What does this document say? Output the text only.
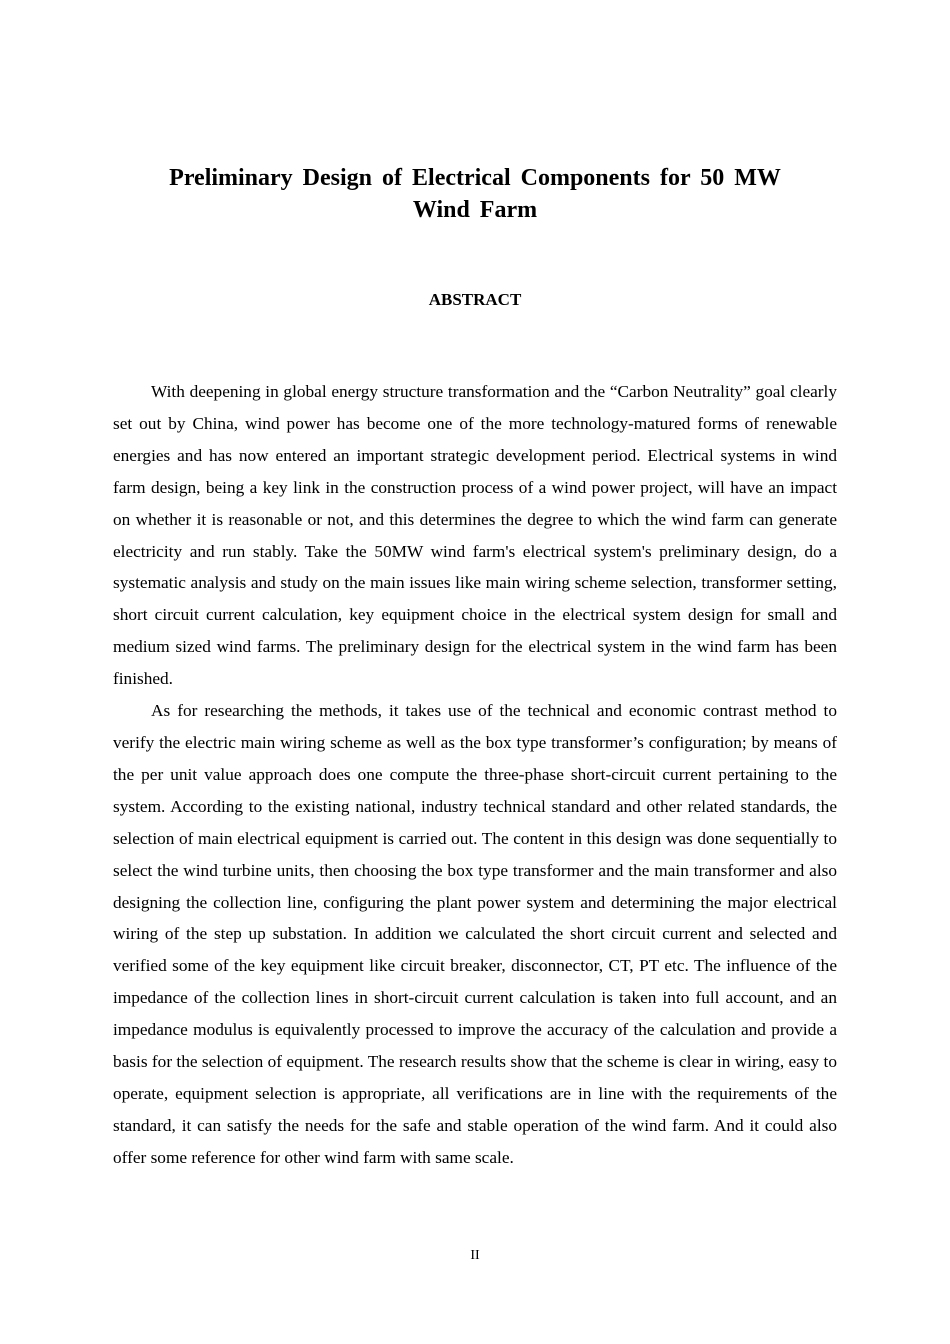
Preliminary Design of Electrical Components for 50 MW Wind Farm
ABSTRACT

With deepening in global energy structure transformation and the “Carbon Neutrality” goal clearly set out by China, wind power has become one of the more technology-matured forms of renewable energies and has now entered an important strategic development period. Electrical systems in wind farm design, being a key link in the construction process of a wind power project, will have an impact on whether it is reasonable or not, and this determines the degree to which the wind farm can generate electricity and run stably. Take the 50MW wind farm's electrical system's preliminary design, do a systematic analysis and study on the main issues like main wiring scheme selection, transformer setting, short circuit current calculation, key equipment choice in the electrical system design for small and medium sized wind farms. The preliminary design for the electrical system in the wind farm has been finished.

As for researching the methods, it takes use of the technical and economic contrast method to verify the electric main wiring scheme as well as the box type transformer’s configuration; by means of the per unit value approach does one compute the three-phase short-circuit current pertaining to the system. According to the existing national, industry technical standard and other related standards, the selection of main electrical equipment is carried out. The content in this design was done sequentially to select the wind turbine units, then choosing the box type transformer and the main transformer and also designing the collection line, configuring the plant power system and determining the major electrical wiring of the step up substation. In addition we calculated the short circuit current and selected and verified some of the key equipment like circuit breaker, disconnector, CT, PT etc. The influence of the impedance of the collection lines in short-circuit current calculation is taken into full account, and an impedance modulus is equivalently processed to improve the accuracy of the calculation and provide a basis for the selection of equipment. The research results show that the scheme is clear in wiring, easy to operate, equipment selection is appropriate, all verifications are in line with the requirements of the standard, it can satisfy the needs for the safe and stable operation of the wind farm. And it could also offer some reference for other wind farm with same scale.

II
